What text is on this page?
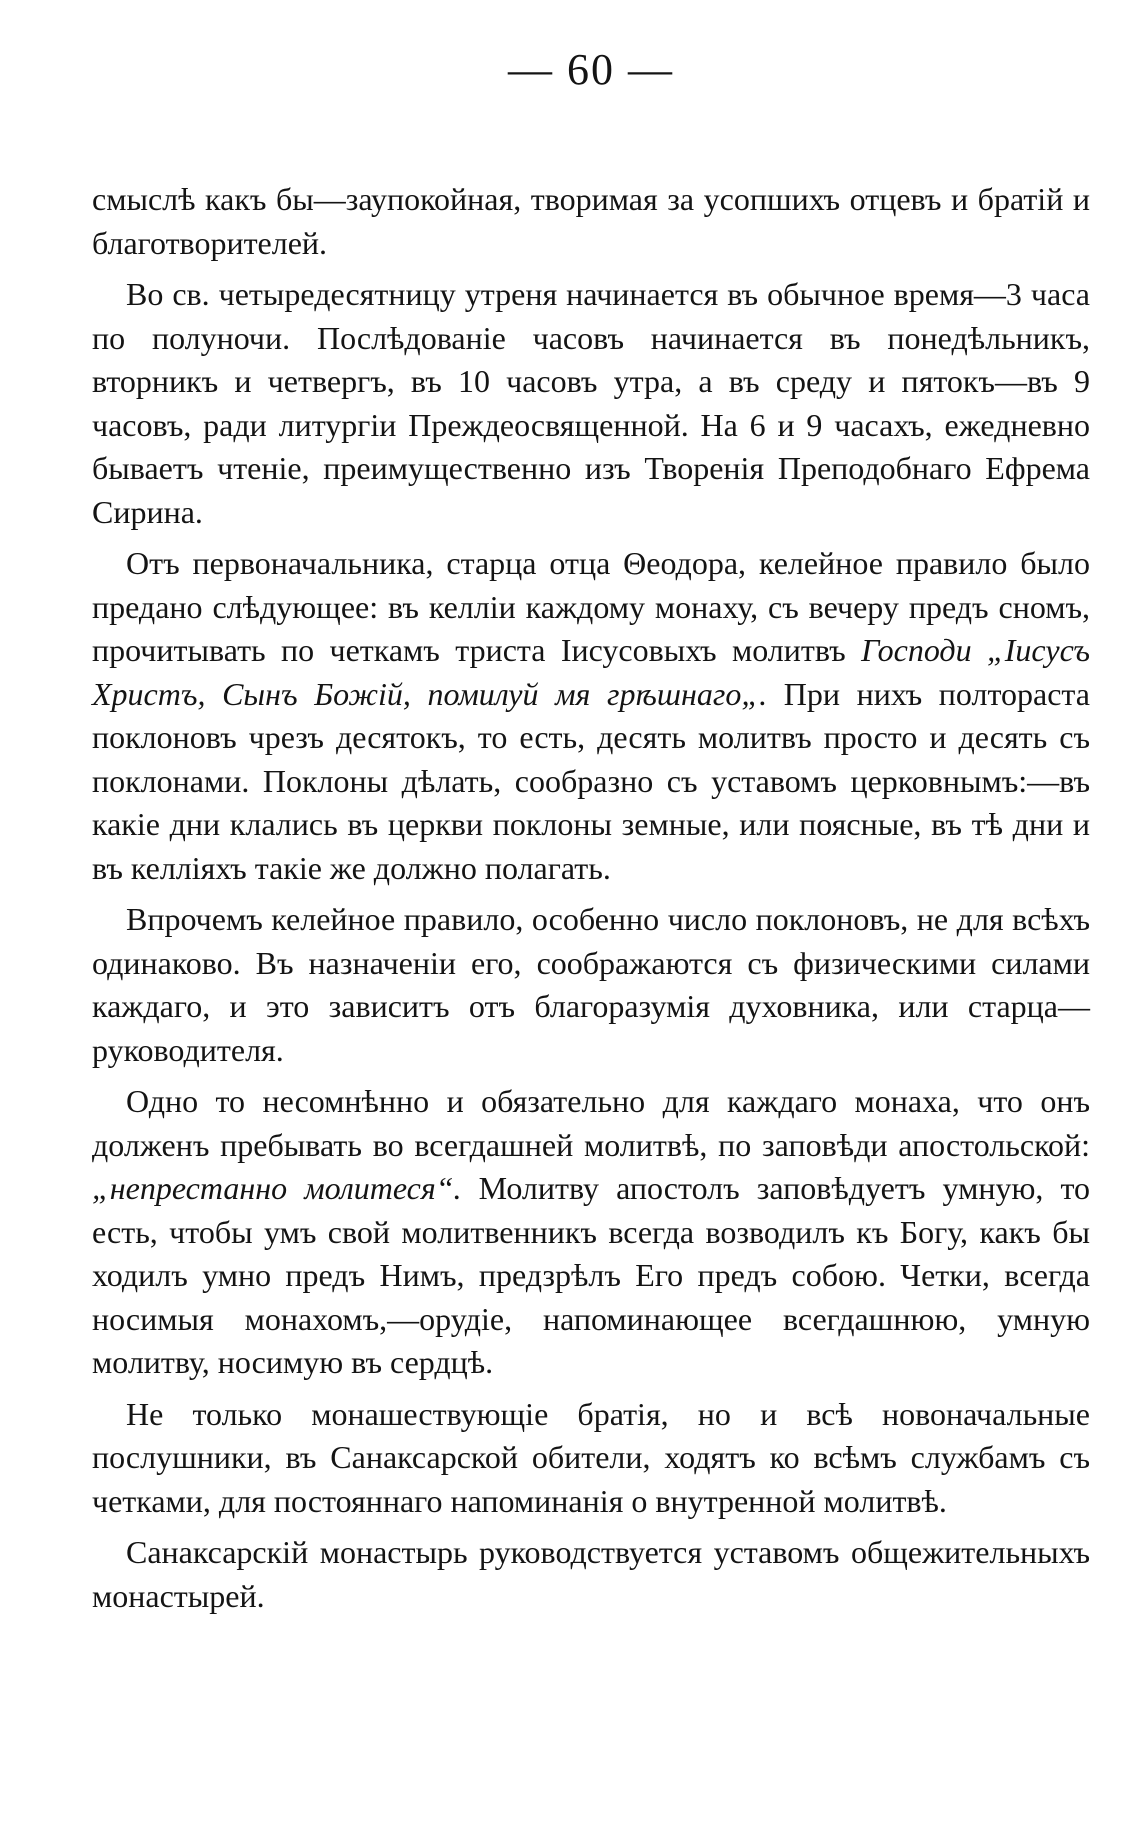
— 60 —

смыслѣ какъ бы—заупокойная, творимая за усопшихъ отцевъ и братій и благотворителей.

Во св. четыредесятницу утреня начинается въ обычное время—3 часа по полуночи. Послѣдованіе часовъ начинается въ понедѣльникъ, вторникъ и четвергъ, въ 10 часовъ утра, а въ среду и пятокъ—въ 9 часовъ, ради литургіи Преждеосвященной. На 6 и 9 часахъ, ежедневно бываетъ чтеніе, преимущественно изъ Творенія Преподобнаго Ефрема Сирина.

Отъ первоначальника, старца отца Θеодора, келейное правило было предано слѣдующее: въ келліи каждому монаху, съ вечеру предъ сномъ, прочитывать по четкамъ триста Іисусовыхъ молитвъ Господи „Іисусъ Христъ, Сынъ Божій, помилуй мя грѣшнаго„. При нихъ полтораста поклоновъ чрезъ десятокъ, то есть, десять молитвъ просто и десять съ поклонами. Поклоны дѣлать, сообразно съ уставомъ церковнымъ:—въ какіе дни клались въ церкви поклоны земные, или поясные, въ тѣ дни и въ келліяхъ такіе же должно полагать.

Впрочемъ келейное правило, особенно число поклоновъ, не для всѣхъ одинаково. Въ назначеніи его, соображаются съ физическими силами каждаго, и это зависитъ отъ благоразумія духовника, или старца—руководителя.

Одно то несомнѣнно и обязательно для каждаго монаха, что онъ долженъ пребывать во всегдашней молитвѣ, по заповѣди апостольской: „непрестанно молитеся“. Молитву апостолъ заповѣдуетъ умную, то есть, чтобы умъ свой молитвенникъ всегда возводилъ къ Богу, какъ бы ходилъ умно предъ Нимъ, предзрѣлъ Его предъ собою. Четки, всегда носимыя монахомъ,—орудіе, напоминающее всегдашнюю, умную молитву, носимую въ сердцѣ.

Не только монашествующіе братія, но и всѣ новоначальные послушники, въ Санаксарской обители, ходятъ ко всѣмъ службамъ съ четками, для постояннаго напоминанія о внутренной молитвѣ.

Санаксарскій монастырь руководствуется уставомъ общежительныхъ монастырей.
